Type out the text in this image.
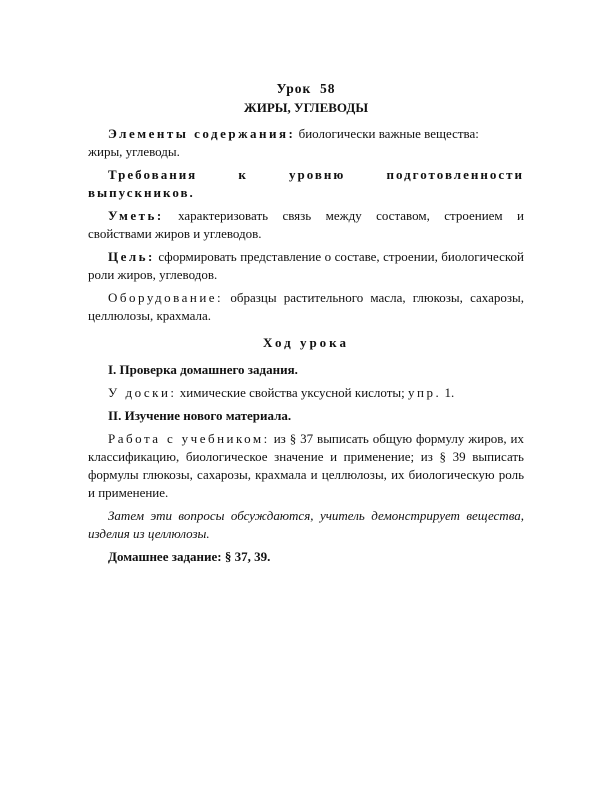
Урок  58
ЖИРЫ, УГЛЕВОДЫ

Элементы содержания: биологически важные вещества:

жиры, углеводы.

Требования	к	уровню	подготовленности
выпускников.

Уметь: характеризовать связь между составом, строением и свойствами жиров и углеводов.

Цель: сформировать представление о составе, строении, биологической роли жиров, углеводов.

Оборудование: образцы растительного масла, глюкозы, сахарозы, целлюлозы, крахмала.

Ход урока

I. Проверка домашнего задания.

У доски: химические свойства уксусной кислоты; упр. 1.

II. Изучение нового материала.

Работа с учебником: из § 37 выписать общую формулу жиров, их классификацию, биологическое значение и применение; из § 39 выписать формулы глюкозы, сахарозы, крахмала и целлюлозы, их биологическую роль и применение.

Затем эти вопросы обсуждаются, учитель демонстрирует вещества, изделия из целлюлозы.

Домашнее задание: § 37, 39.
